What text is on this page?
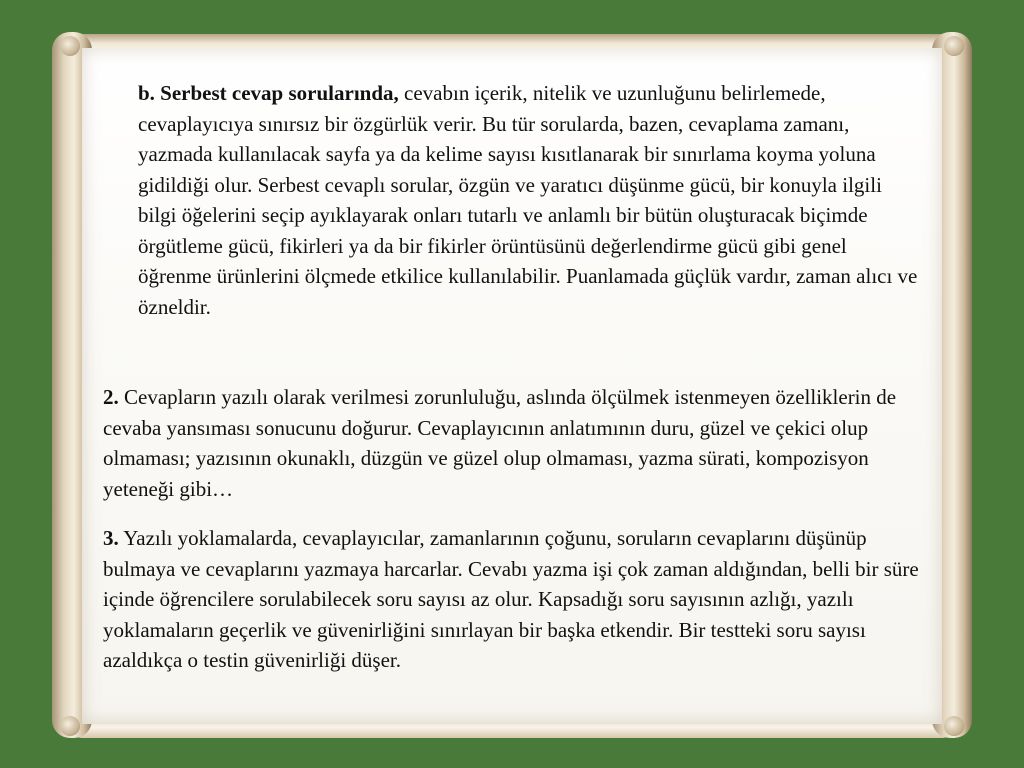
b. Serbest cevap sorularında, cevabın içerik, nitelik ve uzunluğunu belirlemede, cevaplayıcıya sınırsız bir özgürlük verir. Bu tür sorularda, bazen, cevaplama zamanı, yazmada kullanılacak sayfa ya da kelime sayısı kısıtlanarak bir sınırlama koyma yoluna gidildiği olur. Serbest cevaplı sorular, özgün ve yaratıcı düşünme gücü, bir konuyla ilgili bilgi öğelerini seçip ayıklayarak onları tutarlı ve anlamlı bir bütün oluşturacak biçimde örgütleme gücü, fikirleri ya da bir fikirler örüntüsünü değerlendirme gücü gibi genel öğrenme ürünlerini ölçmede etkilice kullanılabilir. Puanlamada güçlük vardır, zaman alıcı ve özneldir.

2. Cevapların yazılı olarak verilmesi zorunluluğu, aslında ölçülmek istenmeyen özelliklerin de cevaba yansıması sonucunu doğurur. Cevaplayıcının anlatımının duru, güzel ve çekici olup olmaması; yazısının okunaklı, düzgün ve güzel olup olmaması, yazma sürati, kompozisyon yeteneği gibi…

3. Yazılı yoklamalarda, cevaplayıcılar, zamanlarının çoğunu, soruların cevaplarını düşünüp bulmaya ve cevaplarını yazmaya harcarlar. Cevabı yazma işi çok zaman aldığından, belli bir süre içinde öğrencilere sorulabilecek soru sayısı az olur. Kapsadığı soru sayısının azlığı, yazılı yoklamaların geçerlik ve güvenirliğini sınırlayan bir başka etkendir. Bir testteki soru sayısı azaldıkça o testin güvenirliği düşer.
